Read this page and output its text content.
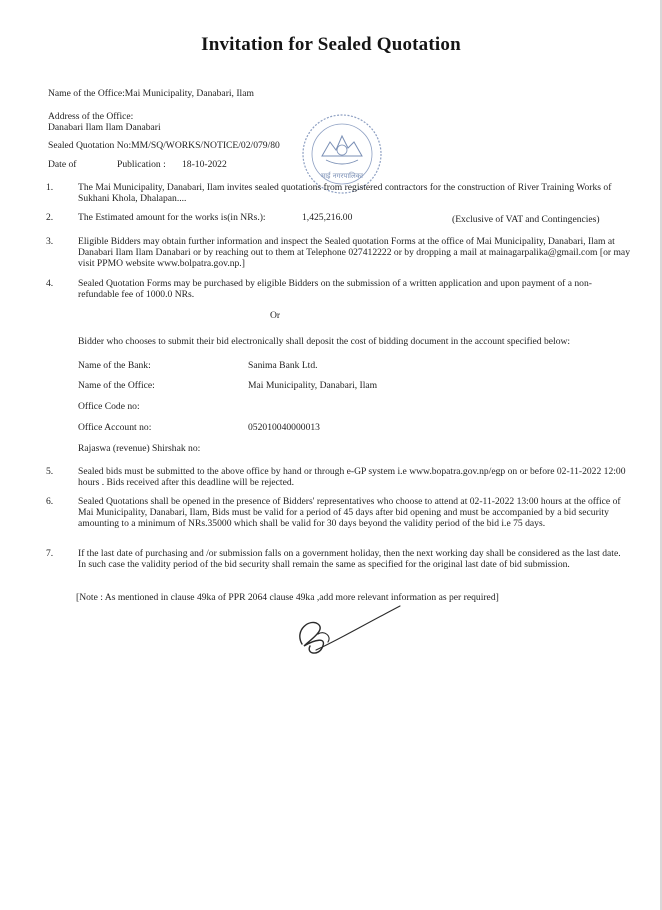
Invitation for Sealed Quotation
Name of the Office:Mai Municipality, Danabari, Ilam
Address of the Office:
Danabari Ilam Ilam Danabari
Sealed Quotation No:MM/SQ/WORKS/NOTICE/02/079/80
Date of	Publication : 18-10-2022
माई नगरपालिका
1.	The Mai Municipality, Danabari, Ilam invites sealed quotations from registered contractors for the construction of River Training Works of Sukhani Khola, Dhalapan....
2.	The Estimated amount for the works is(in NRs.):	1,425,216.00	(Exclusive of VAT and Contingencies)
3.	Eligible Bidders may obtain further information and inspect the Sealed quotation Forms at the office of Mai Municipality, Danabari, Ilam at Danabari Ilam Ilam Danabari or by reaching out to them at Telephone 027412222 or by dropping a mail at mainagarpalika@gmail.com [or may visit PPMO website www.bolpatra.gov.np.]
4.	Sealed Quotation Forms may be purchased by eligible Bidders on the submission of a written application and upon payment of a non-refundable fee of 1000.0 NRs.
Or
Bidder who chooses to submit their bid electronically shall deposit the cost of bidding document in the account specified below:
Name of the Bank:	Sanima Bank Ltd.
Name of the Office:	Mai Municipality, Danabari, Ilam
Office Code no:
Office Account no:	052010040000013
Rajaswa (revenue) Shirshak no:
5.	Sealed bids must be submitted to the above office by hand or through e-GP system i.e www.bopatra.gov.np/egp on or before 02-11-2022 12:00 hours . Bids received after this deadline will be rejected.
6.	Sealed Quotations shall be opened in the presence of Bidders' representatives who choose to attend at 02-11-2022 13:00 hours at the office of Mai Municipality, Danabari, Ilam, Bids must be valid for a period of 45 days after bid opening and must be accompanied by a bid security amounting to a minimum of NRs.35000 which shall be valid for 30 days beyond the validity period of the bid i.e 75 days.
7.	If the last date of purchasing and /or submission falls on a government holiday, then the next working day shall be considered as the last date. In such case the validity period of the bid security shall remain the same as specified for the original last date of bid submission.
[Note : As mentioned in clause 49ka of PPR 2064 clause 49ka ,add more relevant information as per required]
